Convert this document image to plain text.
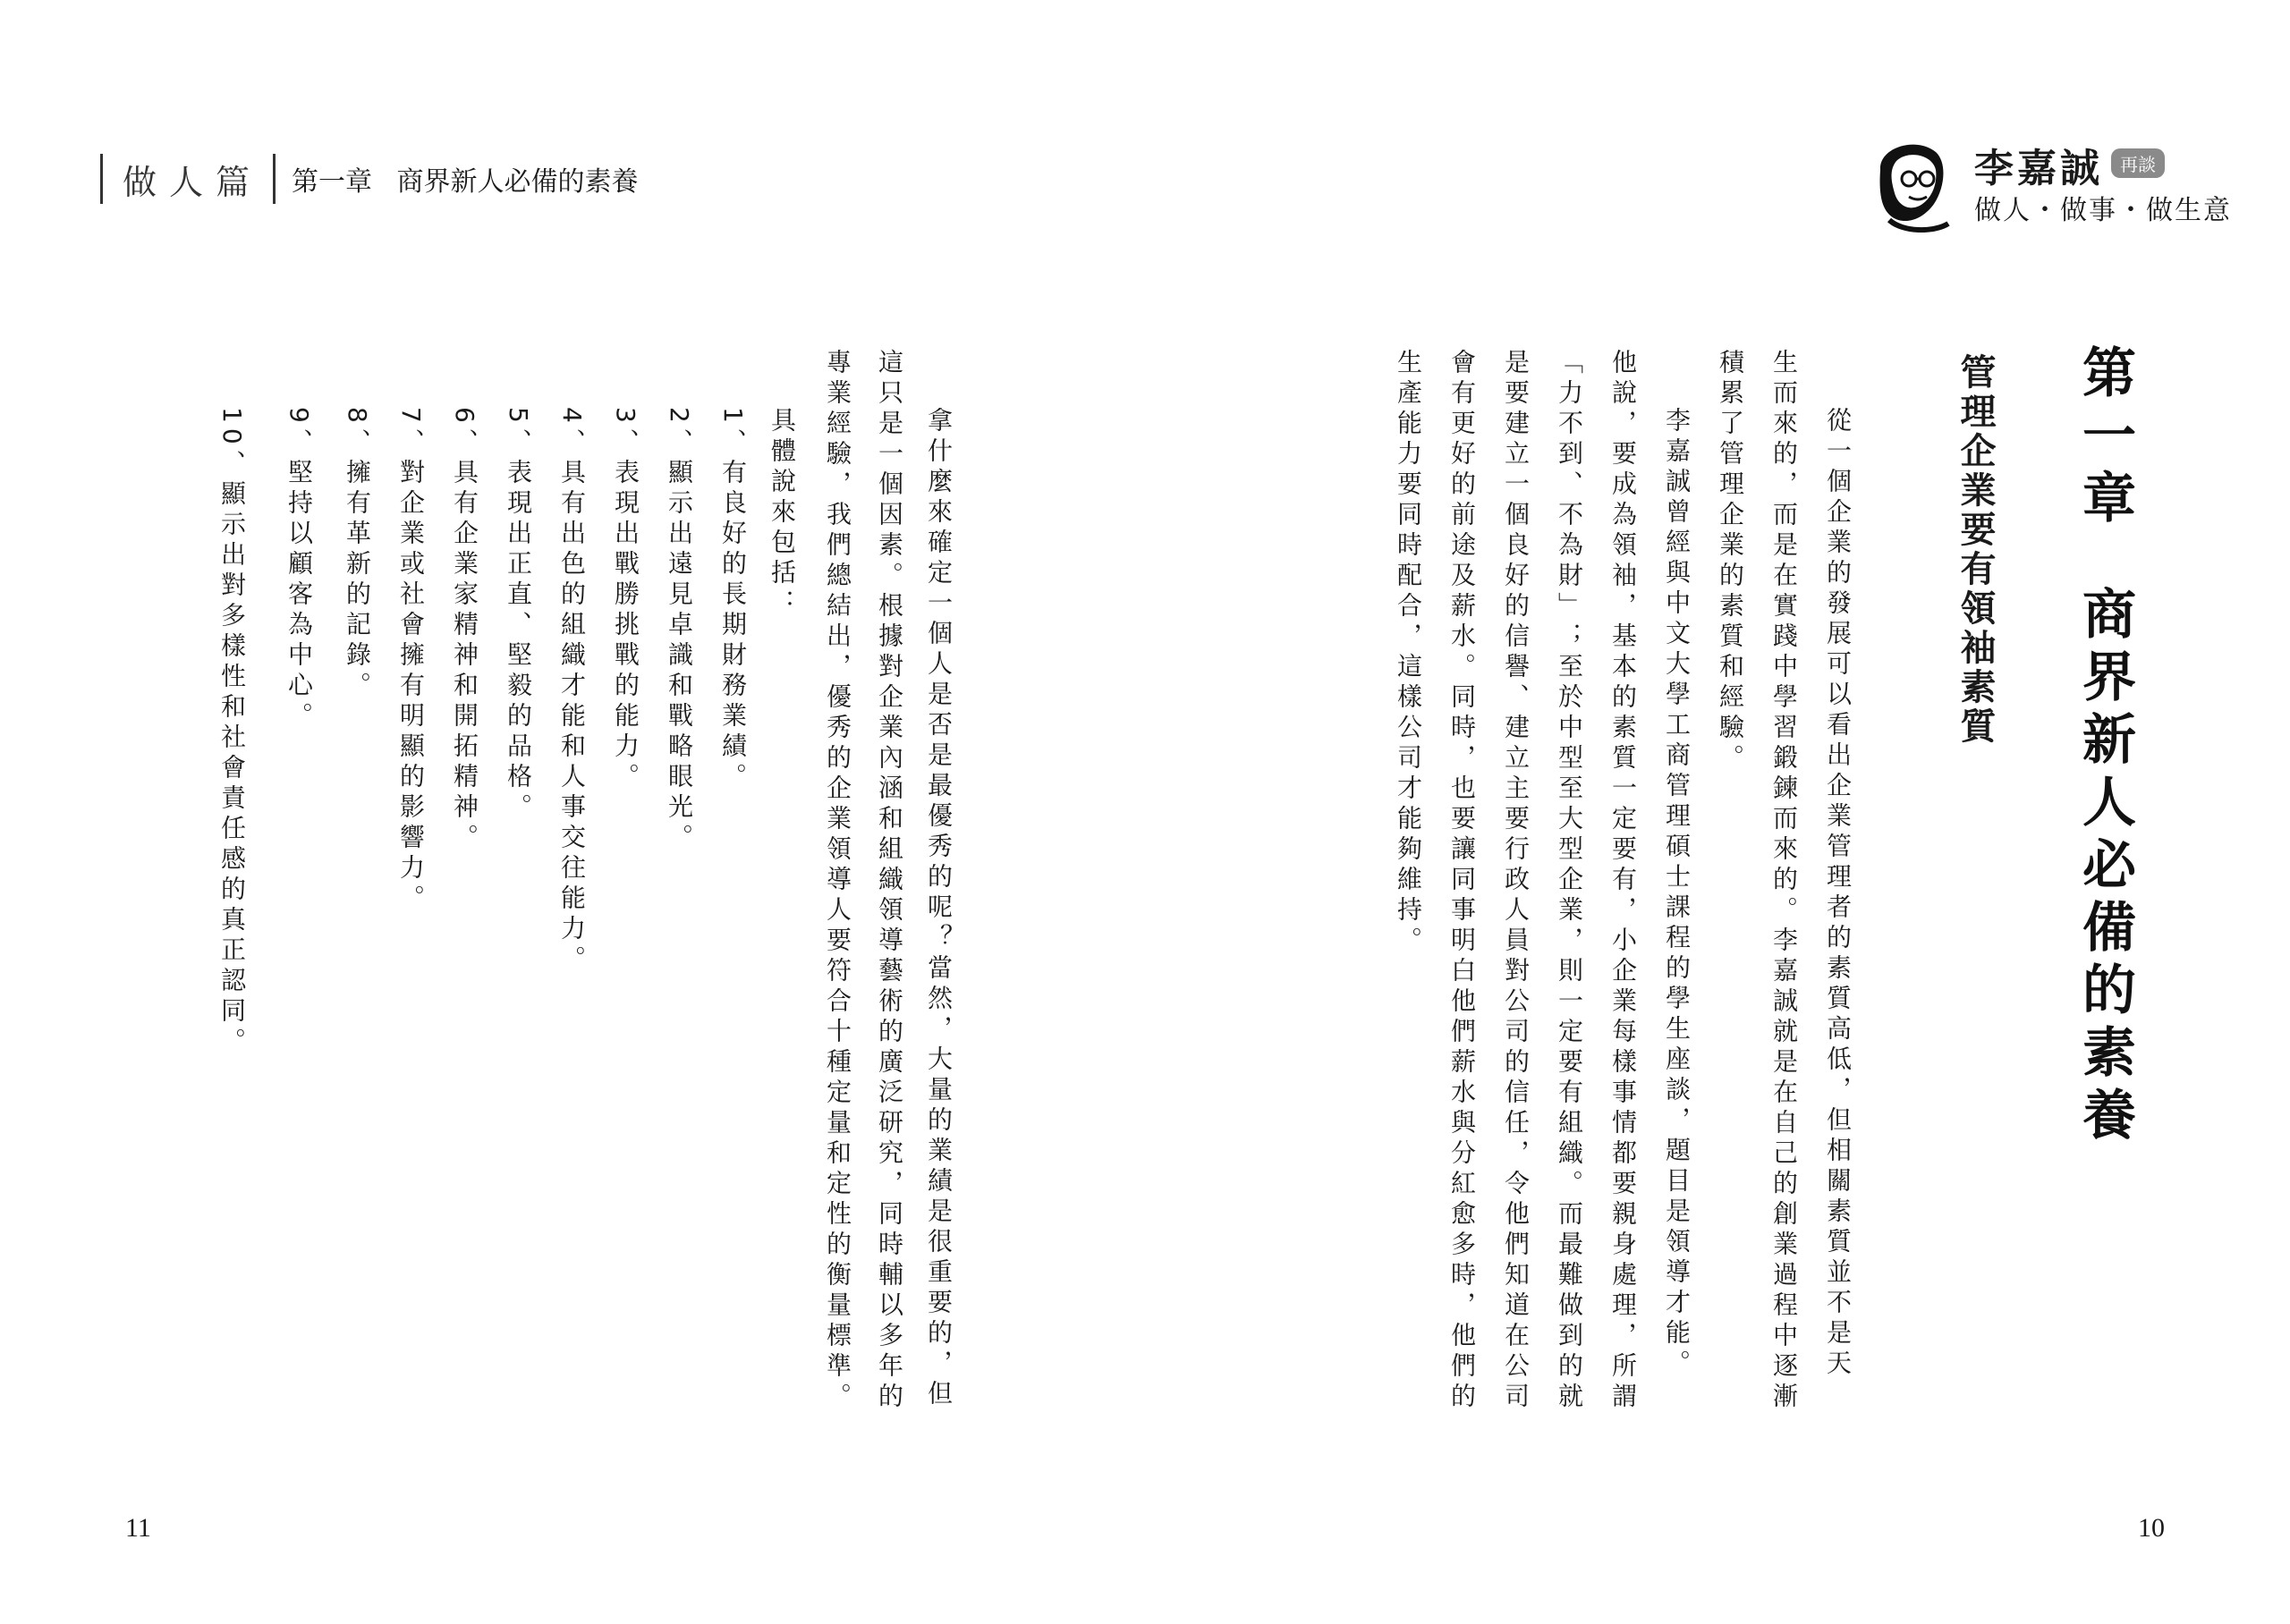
做人篇	第一章 商界新人必備的素養
拿什麼來確定一個人是否是最優秀的呢？當然，大量的業績是很重要的，但
這只是一個因素。根據對企業內涵和組織領導藝術的廣泛研究，同時輔以多年的
專業經驗，我們總結出，優秀的企業領導人要符合十種定量和定性的衡量標準。
具體說來包括：
1、有良好的長期財務業績。
2、顯示出遠見卓識和戰略眼光。
3、表現出戰勝挑戰的能力。
4、具有出色的組織才能和人事交往能力。
5、表現出正直、堅毅的品格。
6、具有企業家精神和開拓精神。
7、對企業或社會擁有明顯的影響力。
8、擁有革新的記錄。
9、堅持以顧客為中心。
10、顯示出對多樣性和社會責任感的真正認同。
11
李嘉誠 再談
做人・做事・做生意
第一章商界新人必備的素養
管理企業要有領袖素質
從一個企業的發展可以看出企業管理者的素質高低，但相關素質並不是天
生而來的，而是在實踐中學習鍛鍊而來的。李嘉誠就是在自己的創業過程中逐漸
積累了管理企業的素質和經驗。
李嘉誠曾經與中文大學工商管理碩士課程的學生座談，題目是領導才能。
他說，要成為領袖，基本的素質一定要有，小企業每樣事情都要親身處理，所謂
「力不到、不為財」；至於中型至大型企業，則一定要有組織。而最難做到的就
是要建立一個良好的信譽、建立主要行政人員對公司的信任，令他們知道在公司
會有更好的前途及薪水。同時，也要讓同事明白他們薪水與分紅愈多時，他們的
生產能力要同時配合，這樣公司才能夠維持。
10
